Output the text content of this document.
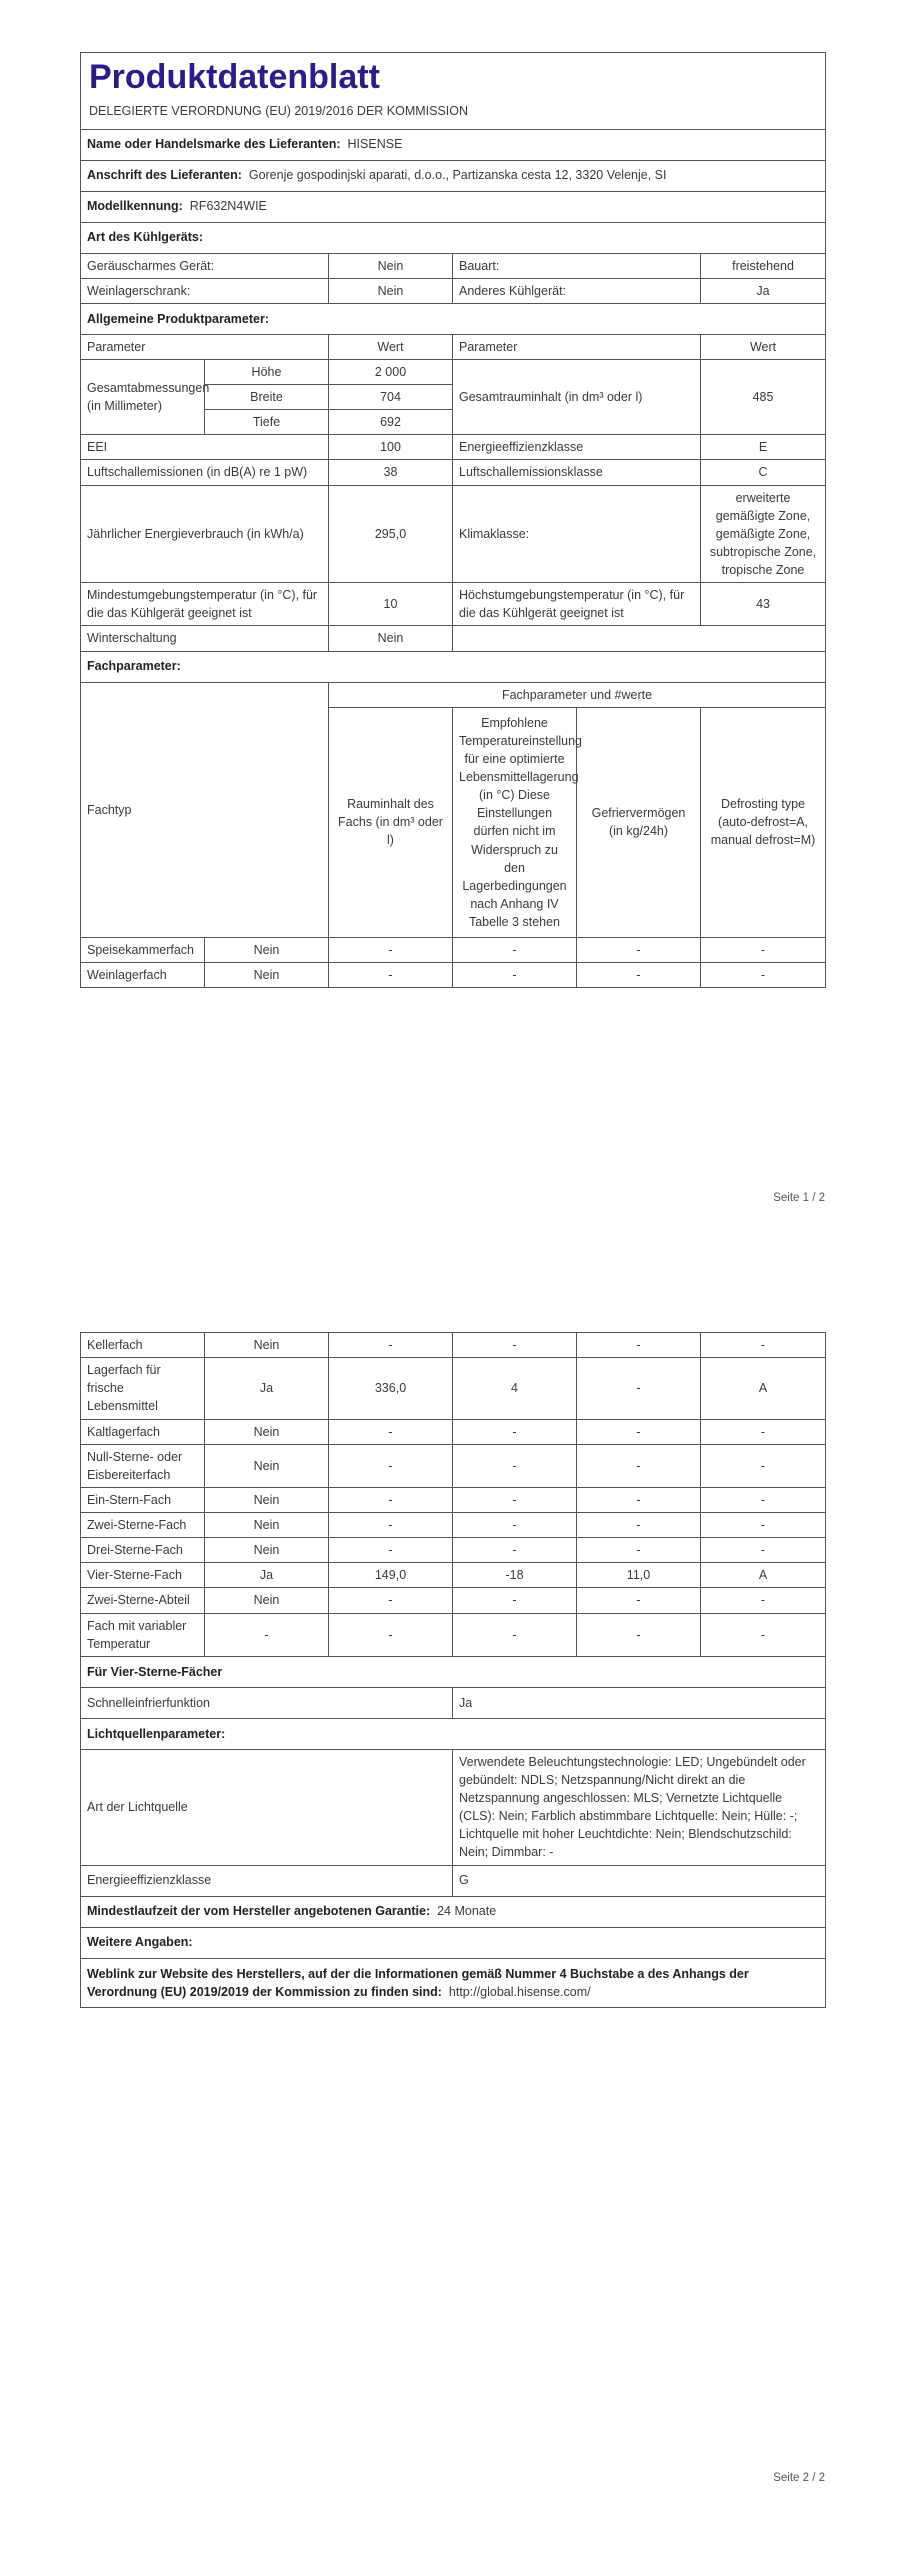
Produktdatenblatt
DELEGIERTE VERORDNUNG (EU) 2019/2016 DER KOMMISSION					

Name oder Handelsmarke des Lieferanten: HISENSE					
Anschrift des Lieferanten: Gorenje gospodinjski aparati, d.o.o., Partizanska cesta 12, 3320 Velenje, SI					
Modellkennung: RF632N4WIE					
Art des Kühlgeräts:					
Geräuscharmes Gerät:		Nein	Bauart:		freistehend
Weinlagerschrank:		Nein	Anderes Kühlgerät:		Ja
Allgemeine Produktparameter:					
Parameter		Wert	Parameter		Wert
Gesamtabmessungen (in Millimeter)	Höhe	2 000	Gesamtrauminhalt (in dm³ oder l)		485
	Breite	704			
	Tiefe	692			
EEI		100	Energieeffizienzklasse		E
Luftschallemissionen (in dB(A) re 1 pW)		38	Luftschallemissionsklasse		C
Jährlicher Energieverbrauch (in kWh/a)		295,0	Klimaklasse:		erweiterte gemäßigte Zone, gemäßigte Zone, subtropische Zone, tropische Zone
Mindestumgebungstemperatur (in °C), für die das Kühlgerät geeignet ist		10	Höchstumgebungstemperatur (in °C), für die das Kühlgerät geeignet ist		43
Winterschaltung		Nein			
Fachparameter:					
Fachtyp		Fachparameter und #werte			
		Rauminhalt des Fachs (in dm³ oder l)	Empfohlene Temperatureinstellung für eine optimierte Lebensmittellagerung (in °C) Diese Einstellungen dürfen nicht im Widerspruch zu den Lagerbedingungen nach Anhang IV Tabelle 3 stehen	Gefriervermögen (in kg/24h)	Defrosting type (auto-defrost=A, manual defrost=M)
Speisekammerfach	Nein	-	-	-	-
Weinlagerfach	Nein	-	-	-	-
Seite 1 / 2
Kellerfach	Nein	-	-	-	-
Lagerfach für frische Lebensmittel	Ja	336,0	4	-	A
Kaltlagerfach	Nein	-	-	-	-
Null-Sterne- oder Eisbereiterfach	Nein	-	-	-	-
Ein-Stern-Fach	Nein	-	-	-	-
Zwei-Sterne-Fach	Nein	-	-	-	-
Drei-Sterne-Fach	Nein	-	-	-	-
Vier-Sterne-Fach	Ja	149,0	-18	11,0	A
Zwei-Sterne-Abteil	Nein	-	-	-	-
Fach mit variabler Temperatur	-	-	-	-	-
Für Vier-Sterne-Fächer					
Schnelleinfrierfunktion			Ja		
Lichtquellenparameter:					
Art der Lichtquelle			Verwendete Beleuchtungstechnologie: LED; Ungebündelt oder gebündelt: NDLS; Netzspannung/Nicht direkt an die Netzspannung angeschlossen: MLS; Vernetzte Lichtquelle (CLS): Nein; Farblich abstimmbare Lichtquelle: Nein; Hülle: -; Lichtquelle mit hoher Leuchtdichte: Nein; Blendschutzschild: Nein; Dimmbar: -		
Energieeffizienzklasse			G		
Mindestlaufzeit der vom Hersteller angebotenen Garantie: 24 Monate					
Weitere Angaben:					
Weblink zur Website des Herstellers, auf der die Informationen gemäß Nummer 4 Buchstabe a des Anhangs der Verordnung (EU) 2019/2019 der Kommission zu finden sind: http://global.hisense.com/					
Seite 2 / 2
